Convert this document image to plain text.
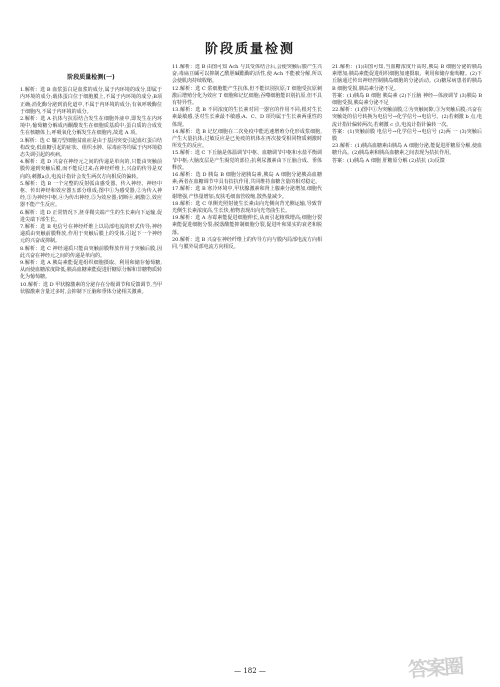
阶段质量检测
阶段质量检测(一)

1.解析：选 B 血浆蛋白是血浆的成分,属于内环境的成分,即属于内环境的成分;载体蛋白位于细胞膜上,不属于内环境的成分;B项正确;消化酶分泌到消化道中,不属于内环境的成分;有氧呼吸酶位于细胞内,不属于内环境的成分。

2.解析：选 A 抗体与抗原结合发生在细胞外液中,即发生在内环境中;葡萄糖分解成丙酮酸发生在细胞质基质中;蛋白质的合成发生在核糖体上;呼吸氧化分解发生在细胞内,故选 A 项。

3.解析：选 C 镰刀型细胞贫血症是由于基因突变引起血红蛋白结构改变;低血糖引起的症状、组织水肿、尿毒症等均属于内环境稳态失调引起的疾病。

4.解析：选 D 兴奋在神经元之间的传递是单向的,只能由突触前膜传递到突触后膜,而不能反过来;在神经纤维上,兴奋的传导是双向的;刺激a点,电流计指针会发生两次方向相反的偏转。

5.解析：选 B 一个完整的反射弧由感受器、传入神经、神经中枢、传出神经和效应器五部分组成;图中①为感受器,②为传入神经,③为神经中枢,④为传出神经,⑤为效应器;切断④,刺激②,效应器不能产生反应。

6.解析：选 D 正常情况下,胚芽鞘尖端产生的生长素向下运输,促进尖端下部生长。

7.解析：选 B 电信号在神经纤维上以局部电流的形式传导;神经递质由突触前膜释放,作用于突触后膜上的受体,引起下一个神经元的兴奋或抑制。

8.解析：选 C 神经递质只能由突触前膜释放作用于突触后膜,因此兴奋在神经元之间的传递是单向的。

9.解析：选 A 胰岛素能促进组织细胞摄取、利用和储存葡萄糖,从而使血糖浓度降低;胰高血糖素能促进肝糖原分解和非糖物质转化为葡萄糖。

10.解析：选 D 甲状腺激素的分泌存在分级调节和反馈调节,当甲状腺激素含量过多时,会抑制下丘脑和垂体分泌相关激素。

11.解析：选 B 由图可知 Ach 与其受体结合后,会使突触后膜产生兴奋;毒扁豆碱可以抑制乙酰胆碱酯酶的活性,使 Ach 不能被分解,所以会使肌肉持续收缩。

12.解析：选 C 浆细胞能产生抗体,但不能识别抗原;T 细胞受抗原刺激后增殖分化为效应 T 细胞和记忆细胞;吞噬细胞能识别抗原,但不具有特异性。

13.解析：选 B 不同浓度的生长素对同一器官的作用不同;根对生长素最敏感,茎对生长素最不敏感;A、C、D 项均属于生长素两重性的体现。

14.解析：选 B 记忆细胞在二次免疫中能迅速增殖分化形成浆细胞,产生大量抗体;过敏反应是已免疫的机体在再次接受相同物质刺激时所发生的反应。

15.解析：选 C 下丘脑是体温调节中枢、血糖调节中枢和水盐平衡调节中枢;大脑皮层是产生渴觉的部位;抗利尿激素由下丘脑合成、垂体释放。

16.解析：选 D 胰岛 B 细胞分泌胰岛素,胰岛 A 细胞分泌胰高血糖素;两者在血糖调节中具有拮抗作用,共同维持血糖含量的相对稳定。

17.解析：选 B 寒冷环境中,甲状腺激素和肾上腺素分泌增加,细胞代谢增强,产热量增加;皮肤毛细血管收缩,散热量减少。

18.解析：选 C 单侧光照射使生长素由向光侧向背光侧运输,导致背光侧生长素浓度高,生长快,植物表现出向光弯曲生长。

19.解析：选 A 赤霉素能促进细胞伸长,从而引起植株增高;细胞分裂素能促进细胞分裂;脱落酸能抑制细胞分裂,促进叶和果实的衰老和脱落。

20.解析：选 B 兴奋在神经纤维上的传导方向与膜内局部电流方向相同,与膜外局部电流方向相反。

21.解析：(1)由图可知,当血糖浓度升高时,胰岛 B 细胞分泌的胰岛素增加;胰岛素能促进组织细胞加速摄取、利用和储存葡萄糖。(2)下丘脑通过传出神经控制胰岛细胞的分泌活动。(3)糖尿病患者的胰岛 B 细胞受损,胰岛素分泌不足。

答案：(1)胰岛 B 细胞 胰岛素 (2)下丘脑 神经—体液调节 (3)胰岛 B 细胞受损,胰岛素分泌不足

22.解析：(1)图中①为突触前膜,②为突触间隙,③为突触后膜;兴奋在突触处的信号转换为电信号→化学信号→电信号。(2)若刺激 b 点,电流计指针偏转两次;若刺激 c 点,电流计指针偏转一次。

答案：(1)突触前膜 电信号→化学信号→电信号 (2)两 一 (3)突触后膜

23.解析：(1)胰高血糖素由胰岛 A 细胞分泌,能促进肝糖原分解,使血糖升高。(2)胰岛素和胰高血糖素之间表现为拮抗作用。

答案：(1)胰岛 A 细胞 肝糖原分解 (2)拮抗 (3)反馈

— 182 —	答案圈
